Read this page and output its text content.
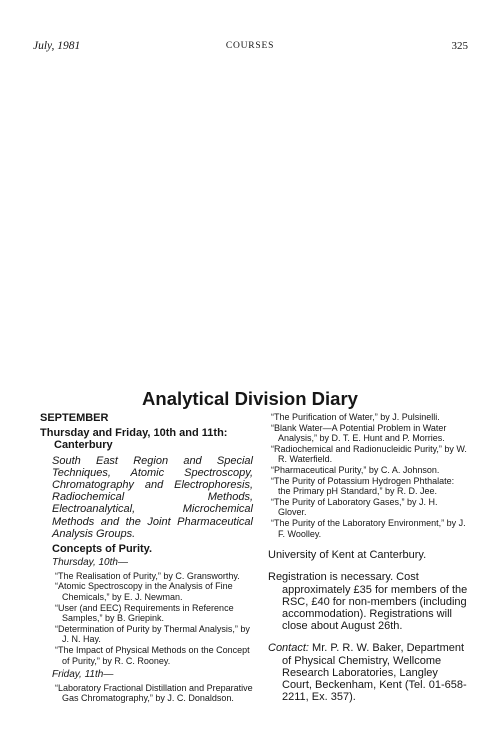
July, 1981	COURSES	325
Analytical Division Diary

SEPTEMBER

Thursday and Friday, 10th and 11th: Canterbury

South East Region and Special Techniques, Atomic Spectroscopy, Chromatography and Electrophoresis, Radiochemical Methods, Electroanalytical, Microchemical Methods and the Joint Pharmaceutical Analysis Groups.

Concepts of Purity.

Thursday, 10th—

“The Realisation of Purity,” by C. Gransworthy.

“Atomic Spectroscopy in the Analysis of Fine Chemicals,” by E. J. Newman.

“User (and EEC) Requirements in Reference Samples,” by B. Griepink.

“Determination of Purity by Thermal Analysis,” by J. N. Hay.

“The Impact of Physical Methods on the Concept of Purity,” by R. C. Rooney.

Friday, 11th—

“Laboratory Fractional Distillation and Preparative Gas Chromatography,” by J. C. Donaldson.

“The Purification of Water,” by J. Pulsinelli.

“Blank Water—A Potential Problem in Water Analysis,” by D. T. E. Hunt and P. Morries.

“Radiochemical and Radionucleidic Purity,” by W. R. Waterfield.

“Pharmaceutical Purity,” by C. A. Johnson.

“The Purity of Potassium Hydrogen Phthalate: the Primary pH Standard,” by R. D. Jee.

“The Purity of Laboratory Gases,” by J. H. Glover.

“The Purity of the Laboratory Environment,” by J. F. Woolley.

University of Kent at Canterbury.

Registration is necessary. Cost approximately £35 for members of the RSC, £40 for non-members (including accommodation). Registrations will close about August 26th.

Contact: Mr. P. R. W. Baker, Department of Physical Chemistry, Wellcome Research Laboratories, Langley Court, Beckenham, Kent (Tel. 01-658-2211, Ex. 357).
